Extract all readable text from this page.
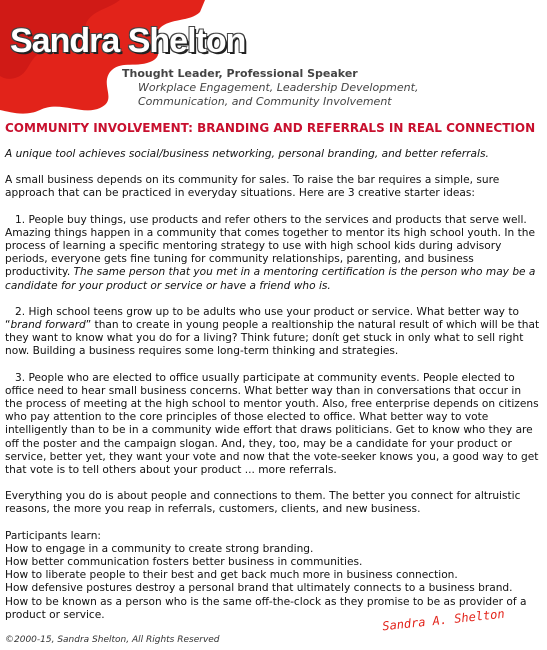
Sandra Shelton
Thought Leader, Professional Speaker
Workplace Engagement, Leadership Development,
Communication, and Community Involvement

COMMUNITY INVOLVEMENT: BRANDING AND REFERRALS IN REAL CONNECTION

A unique tool achieves social/business networking, personal branding, and better referrals.

A small business depends on its community for sales. To raise the bar requires a simple, sure approach that can be practiced in everyday situations. Here are 3 creative starter ideas:

1. People buy things, use products and refer others to the services and products that serve well. Amazing things happen in a community that comes together to mentor its high school youth. In the process of learning a specific mentoring strategy to use with high school kids during advisory periods, everyone gets fine tuning for community relationships, parenting, and business productivity. The same person that you met in a mentoring certification is the person who may be a candidate for your product or service or have a friend who is.

2. High school teens grow up to be adults who use your product or service. What better way to “brand forward” than to create in young people a realtionship the natural result of which will be that they want to know what you do for a living? Think future; donít get stuck in only what to sell right now. Building a business requires some long-term thinking and strategies.

3. People who are elected to office usually participate at community events. People elected to office need to hear small business concerns. What better way than in conversations that occur in the process of meeting at the high school to mentor youth. Also, free enterprise depends on citizens who pay attention to the core principles of those elected to office. What better way to vote intelligently than to be in a community wide effort that draws politicians. Get to know who they are off the poster and the campaign slogan. And, they, too, may be a candidate for your product or service, better yet, they want your vote and now that the vote-seeker knows you, a good way to get that vote is to tell others about your product ... more referrals.

Everything you do is about people and connections to them. The better you connect for altruistic reasons, the more you reap in referrals, customers, clients, and new business.

Participants learn:
How to engage in a community to create strong branding.
How better communication fosters better business in communities.
How to liberate people to their best and get back much more in business connection.
How defensive postures destroy a personal brand that ultimately connects to a business brand.
How to be known as a person who is the same off-the-clock as they promise to be as provider of a product or service.	Sandra A. Shelton
©2000-15, Sandra Shelton, All Rights Reserved
